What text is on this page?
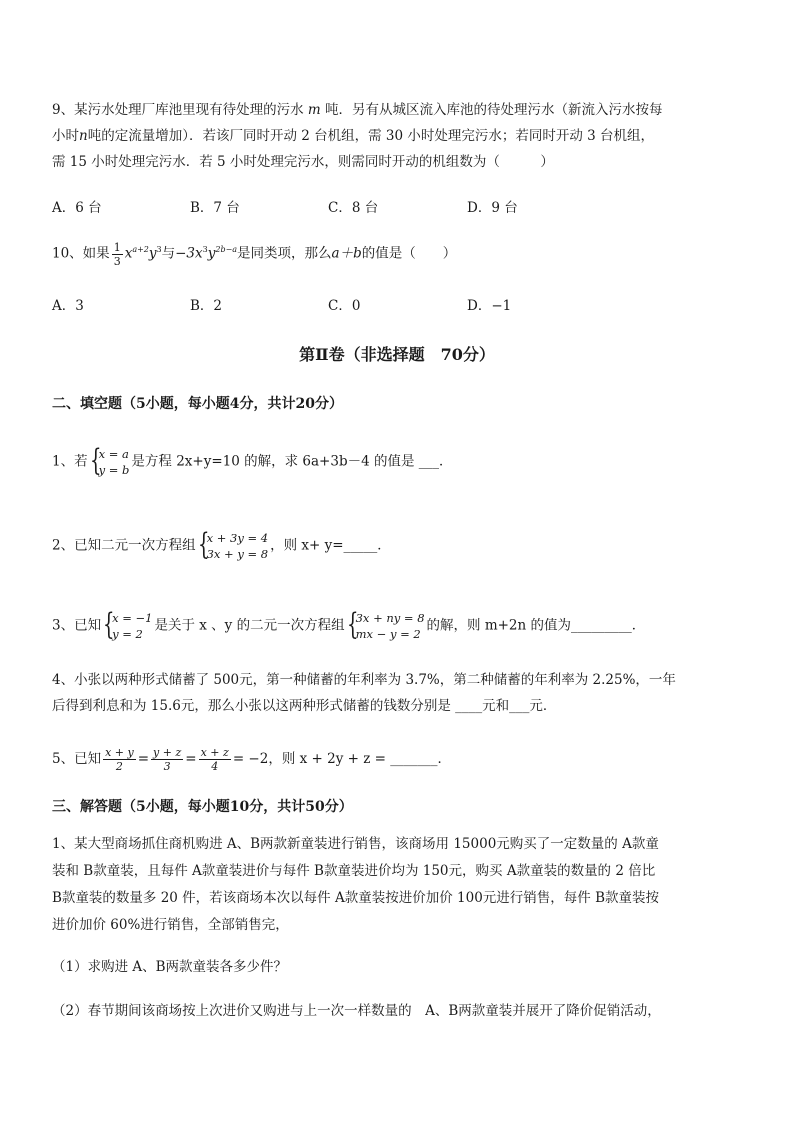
9、某污水处理厂库池里现有待处理的污水 m 吨．另有从城区流入库池的待处理污水（新流入污水按每
小时n吨的定流量增加）．若该厂同时开动 2 台机组，需 30 小时处理完污水；若同时开动 3 台机组，
需 15 小时处理完污水．若 5 小时处理完污水，则需同时开动的机组数为（　　　）
A．6 台	B．7 台	C．8 台	D．9 台
10、如果 $\frac{1}{3} x^{a+2}y^3$与$-3x^3y^{2b-a}$是同类项，那么a＋b的值是（　　）
A．3	B．2	C．0	D．−1
第Ⅱ卷（非选择题　70分）
二、填空题（5小题，每小题4分，共计20分）
1、若 {
x = a
y = b
是方程 2x+y=10 的解，求 6a+3b－4 的值是 ___．
2、已知二元一次方程组 {
x + 3y = 4
3x + y = 8
，则 x+ y=_____．
3、已知 {
x = −1
y = 2
是关于 x 、y 的二元一次方程组 {
3x + ny = 8
mx − y = 2
的解，则 m+2n 的值为_________．
4、小张以两种形式储蓄了 500元，第一种储蓄的年利率为 3.7%，第二种储蓄的年利率为 2.25%，一年
后得到利息和为 15.6元，那么小张以这两种形式储蓄的钱数分别是 ____元和___元．
5、已知 $\frac{x + y}{2} = \frac{y + z}{3} = \frac{x + z}{4} = -2$，则 x + 2y + z = _______．
三、解答题（5小题，每小题10分，共计50分）
1、某大型商场抓住商机购进 A、B两款新童装进行销售，该商场用 15000元购买了一定数量的 A款童
装和 B款童装，且每件 A款童装进价与每件 B款童装进价均为 150元，购买 A款童装的数量的 2 倍比
B款童装的数量多 20 件，若该商场本次以每件 A款童装按进价加价 100元进行销售，每件 B款童装按
进价加价 60%进行销售，全部销售完，
（1）求购进 A、B两款童装各多少件？
（2）春节期间该商场按上次进价又购进与上一次一样数量的　A、B两款童装并展开了降价促销活动，
